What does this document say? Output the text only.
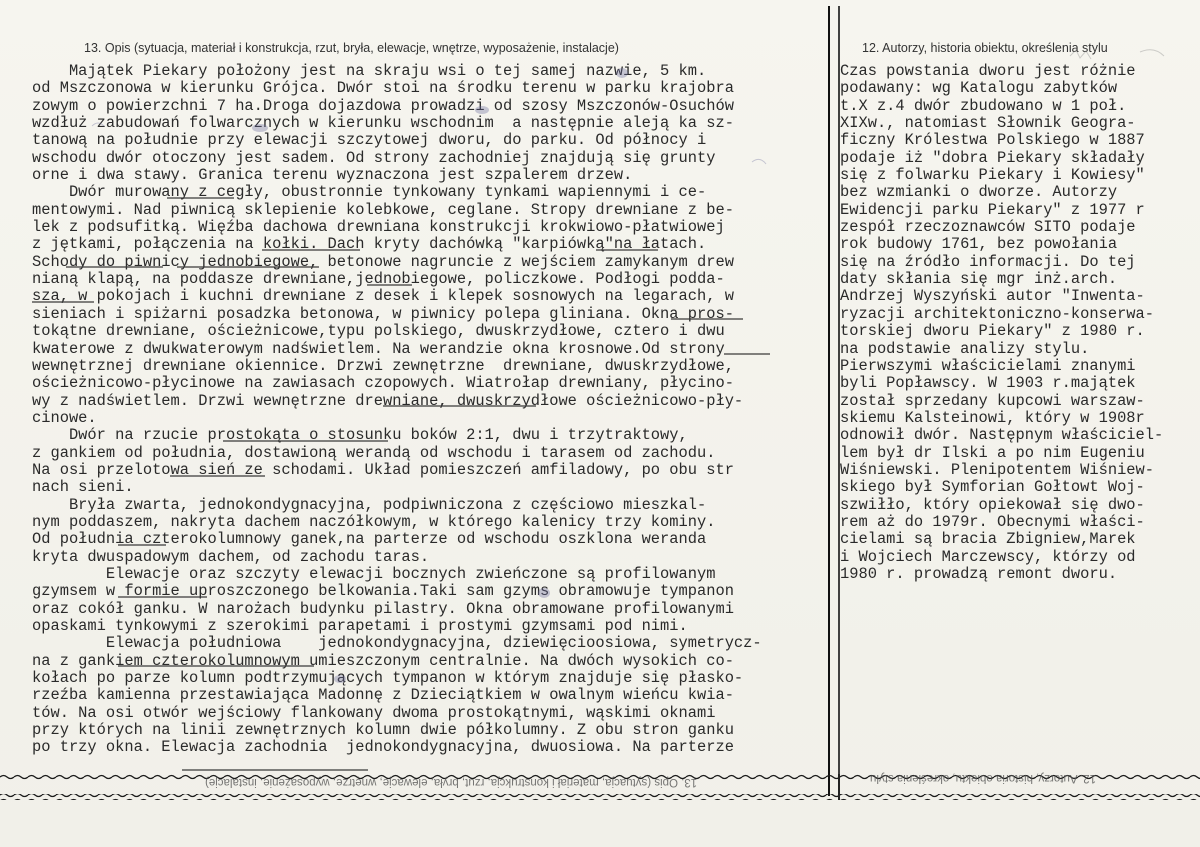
13. Opis (sytuacja, materiał i konstrukcja, rzut, bryła, elewacje, wnętrze, wyposażenie, instalacje)	12. Autorzy, historia obiektu, określenia stylu
Majątek Piekary położony jest na skraju wsi o tej samej nazwie, 5 km.
od Mszczonowa w kierunku Grójca. Dwór stoi na środku terenu w parku krajobra
zowym o powierzchni 7 ha.Droga dojazdowa prowadzi od szosy Mszczonów-Osuchów
wzdłuż zabudowań folwarcznych w kierunku wschodnim  a następnie aleją ka sz-
tanową na południe przy elewacji szczytowej dworu, do parku. Od północy i
wschodu dwór otoczony jest sadem. Od strony zachodniej znajdują się grunty
orne i dwa stawy. Granica terenu wyznaczona jest szpalerem drzew.
Dwór murowany z cegły, obustronnie tynkowany tynkami wapiennymi i ce-
mentowymi. Nad piwnicą sklepienie kolebkowe, ceglane. Stropy drewniane z be-
lek z podsufitką. Więźba dachowa drewniana konstrukcji krokwiowo-płatwiowej
z jętkami, połączenia na kołki. Dach kryty dachówką "karpiówką"na łatach.
Schody do piwnicy jednobiegowe, betonowe nagruncie z wejściem zamykanym drew
nianą klapą, na poddasze drewniane,jednobiegowe, policzkowe. Podłogi podda-
sza, w pokojach i kuchni drewniane z desek i klepek sosnowych na legarach, w
sieniach i spiżarni posadzka betonowa, w piwnicy polepa gliniana. Okna pros-
tokątne drewniane, ościeżnicowe,typu polskiego, dwuskrzydłowe, cztero i dwu
kwaterowe z dwukwaterowym nadświetlem. Na werandzie okna krosnowe.Od strony
wewnętrznej drewniane okiennice. Drzwi zewnętrzne  drewniane, dwuskrzydłowe,
ościeżnicowo-płycinowe na zawiasach czopowych. Wiatrołap drewniany, płycino-
wy z nadświetlem. Drzwi wewnętrzne drewniane, dwuskrzydłowe ościeżnicowo-pły-
cinowe.
Dwór na rzucie prostokąta o stosunku boków 2:1, dwu i trzytraktowy,
z gankiem od południa, dostawioną werandą od wschodu i tarasem od zachodu.
Na osi przelotowa sień ze schodami. Układ pomieszczeń amfiladowy, po obu str
nach sieni.
Bryła zwarta, jednokondygnacyjna, podpiwniczona z częściowo mieszkal-
nym poddaszem, nakryta dachem naczółkowym, w którego kalenicy trzy kominy.
Od południa czterokolumnowy ganek,na parterze od wschodu oszklona weranda
kryta dwuspadowym dachem, od zachodu taras.
Elewacje oraz szczyty elewacji bocznych zwieńczone są profilowanym
gzymsem w formie uproszczonego belkowania.Taki sam gzyms obramowuje tympanon
oraz cokół ganku. W narożach budynku pilastry. Okna obramowane profilowanymi
opaskami tynkowymi z szerokimi parapetami i prostymi gzymsami pod nimi.
Elewacja południowa    jednokondygnacyjna, dziewięcioosiowa, symetrycz-
na z gankiem czterokolumnowym umieszczonym centralnie. Na dwóch wysokich co-
kołach po parze kolumn podtrzymujących tympanon w którym znajduje się płasko-
rzeźba kamienna przestawiająca Madonnę z Dzieciątkiem w owalnym wieńcu kwia-
tów. Na osi otwór wejściowy flankowany dwoma prostokątnymi, wąskimi oknami
przy których na linii zewnętrznych kolumn dwie półkolumny. Z obu stron ganku
po trzy okna. Elewacja zachodnia  jednokondygnacyjna, dwuosiowa. Na parterze
Czas powstania dworu jest różnie
podawany: wg Katalogu zabytków
t.X z.4 dwór zbudowano w 1 poł.
XIXw., natomiast Słownik Geogra-
ficzny Królestwa Polskiego w 1887
podaje iż "dobra Piekary składały
się z folwarku Piekary i Kowiesy"
bez wzmianki o dworze. Autorzy
Ewidencji parku Piekary" z 1977 r
zespół rzeczoznawców SITO podaje
rok budowy 1761, bez powołania
się na źródło informacji. Do tej
daty skłania się mgr inż.arch.
Andrzej Wyszyński autor "Inwenta-
ryzacji architektoniczno-konserwa-
torskiej dworu Piekary" z 1980 r.
na podstawie analizy stylu.
Pierwszymi właścicielami znanymi
byli Popławscy. W 1903 r.majątek
został sprzedany kupcowi warszaw-
skiemu Kalsteinowi, który w 1908r
odnowił dwór. Następnym właściciel-
lem był dr Ilski a po nim Eugeniu
Wiśniewski. Plenipotentem Wiśniew-
skiego był Symforian Gołtowt Woj-
szwiłło, który opiekował się dwo-
rem aż do 1979r. Obecnymi właści-
cielami są bracia Zbigniew,Marek
i Wojciech Marczewscy, którzy od
1980 r. prowadzą remont dworu.
13. Opis (sytuacja, materiał i konstrukcja, rzut, bryła, elewacje, wnętrze, wyposażenie, instalacje)	12. Autorzy, historia obiektu, określenia stylu
